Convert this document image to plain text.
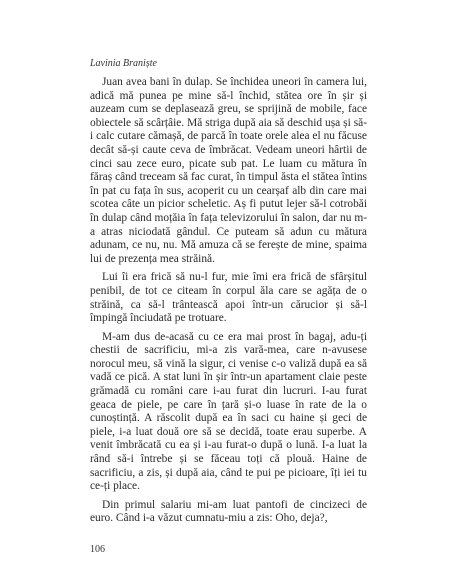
Lavinia Braniște

Juan avea bani în dulap. Se închidea uneori în camera lui, adică mă punea pe mine să-l închid, stătea ore în șir și auzeam cum se deplasează greu, se sprijină de mobile, face obiectele să scârțâie. Mă striga după aia să deschid ușa și să-i calc cutare cămașă, de parcă în toate orele alea el nu făcuse decât să-și caute ceva de îmbrăcat. Vedeam uneori hârtii de cinci sau zece euro, picate sub pat. Le luam cu mătura în făraș când treceam să fac curat, în timpul ăsta el stătea întins în pat cu fața în sus, acoperit cu un cearșaf alb din care mai scotea câte un picior scheletic. Aș fi putut lejer să-l cotrobăi în dulap când moțăia în fața televizorului în salon, dar nu m-a atras niciodată gândul. Ce puteam să adun cu mătura adunam, ce nu, nu. Mă amuza că se ferește de mine, spaima lui de prezența mea străină.

Lui îi era frică să nu-l fur, mie îmi era frică de sfârșitul penibil, de tot ce citeam în corpul ăla care se agăța de o străină, ca să-l trântească apoi într-un cărucior și să-l împingă înciudată pe trotuare.

M-am dus de-acasă cu ce era mai prost în bagaj, adu-ți chestii de sacrificiu, mi-a zis vară-mea, care n-avusese norocul meu, să vină la sigur, ci venise c-o valiză după ea să vadă ce pică. A stat luni în șir într-un apartament claie peste grămadă cu români care i-au furat din lucruri. I-au furat geaca de piele, pe care în țară și-o luase în rate de la o cunoștință. A răscolit după ea în saci cu haine și geci de piele, i-a luat două ore să se decidă, toate erau superbe. A venit îmbrăcată cu ea și i-au furat-o după o lună. I-a luat la rând să-i întrebe și se făceau toți că plouă. Haine de sacrificiu, a zis, și după aia, când te pui pe picioare, îți iei tu ce-ți place.

Din primul salariu mi-am luat pantofi de cincizeci de euro. Când i-a văzut cumnatu-miu a zis: Oho, deja?,

106
